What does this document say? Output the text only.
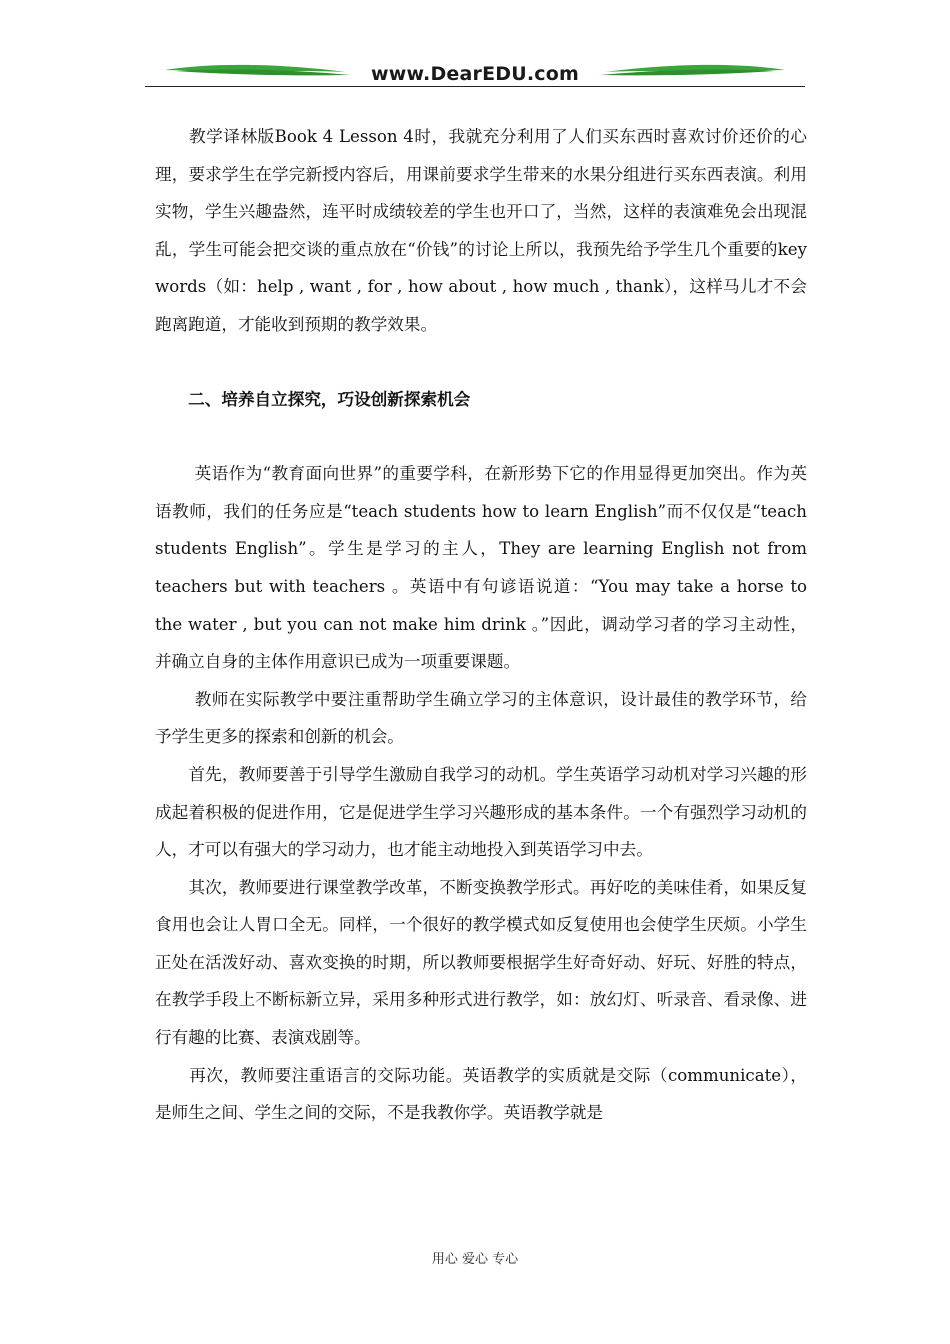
www.DearEDU.com

　　教学译林版Book 4 Lesson 4时，我就充分利用了人们买东西时喜欢讨价还价的心理，要求学生在学完新授内容后，用课前要求学生带来的水果分组进行买东西表演。利用实物，学生兴趣盎然，连平时成绩较差的学生也开口了，当然，这样的表演难免会出现混乱，学生可能会把交谈的重点放在“价钱”的讨论上所以，我预先给予学生几个重要的key words（如：help , want , for , how about , how much , thank），这样马儿才不会跑离跑道，才能收到预期的教学效果。

　　二、培养自立探究，巧设创新探索机会

　　 英语作为“教育面向世界”的重要学科，在新形势下它的作用显得更加突出。作为英语教师，我们的任务应是“teach students how to learn English”而不仅仅是“teach students English”。学生是学习的主人，They are learning English not from teachers but with teachers 。英语中有句谚语说道：“You may take a horse to the water , but you can not make him drink 。”因此，调动学习者的学习主动性，并确立自身的主体作用意识已成为一项重要课题。

　　 教师在实际教学中要注重帮助学生确立学习的主体意识，设计最佳的教学环节，给予学生更多的探索和创新的机会。

　　首先，教师要善于引导学生激励自我学习的动机。学生英语学习动机对学习兴趣的形成起着积极的促进作用，它是促进学生学习兴趣形成的基本条件。一个有强烈学习动机的人，才可以有强大的学习动力，也才能主动地投入到英语学习中去。

　　其次，教师要进行课堂教学改革，不断变换教学形式。再好吃的美味佳肴，如果反复食用也会让人胃口全无。同样，一个很好的教学模式如反复使用也会使学生厌烦。小学生正处在活泼好动、喜欢变换的时期，所以教师要根据学生好奇好动、好玩、好胜的特点，在教学手段上不断标新立异，采用多种形式进行教学，如：放幻灯、听录音、看录像、进行有趣的比赛、表演戏剧等。

　　再次，教师要注重语言的交际功能。英语教学的实质就是交际（communicate），是师生之间、学生之间的交际，不是我教你学。英语教学就是

用心 爱心 专心
